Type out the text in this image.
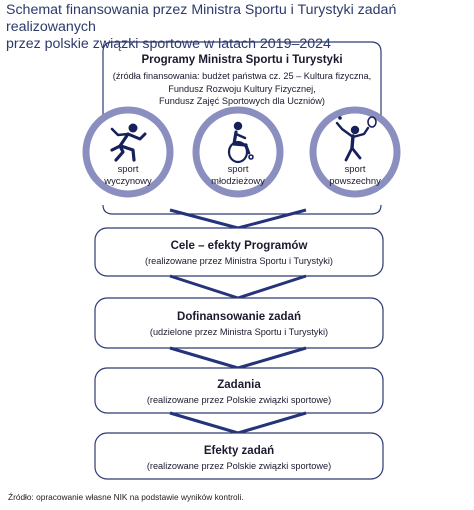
Schemat finansowania przez Ministra Sportu i Turystyki zadań realizowanych
przez polskie związki sportowe w latach 2019–2024
Programy Ministra Sportu i Turystyki
(źródła finansowania: budżet państwa cz. 25 – Kultura fizyczna,
Fundusz Rozwoju Kultury Fizycznej,
Fundusz Zajęć Sportowych dla Uczniów)
sport
wyczynowy
sport
młodzieżowy
sport
powszechny
Cele – efekty Programów
(realizowane przez Ministra Sportu i Turystyki)
Dofinansowanie zadań
(udzielone przez Ministra Sportu i Turystyki)
Zadania
(realizowane przez Polskie związki sportowe)
Efekty zadań
(realizowane przez Polskie związki sportowe)
Źródło: opracowanie własne NIK na podstawie wyników kontroli.
